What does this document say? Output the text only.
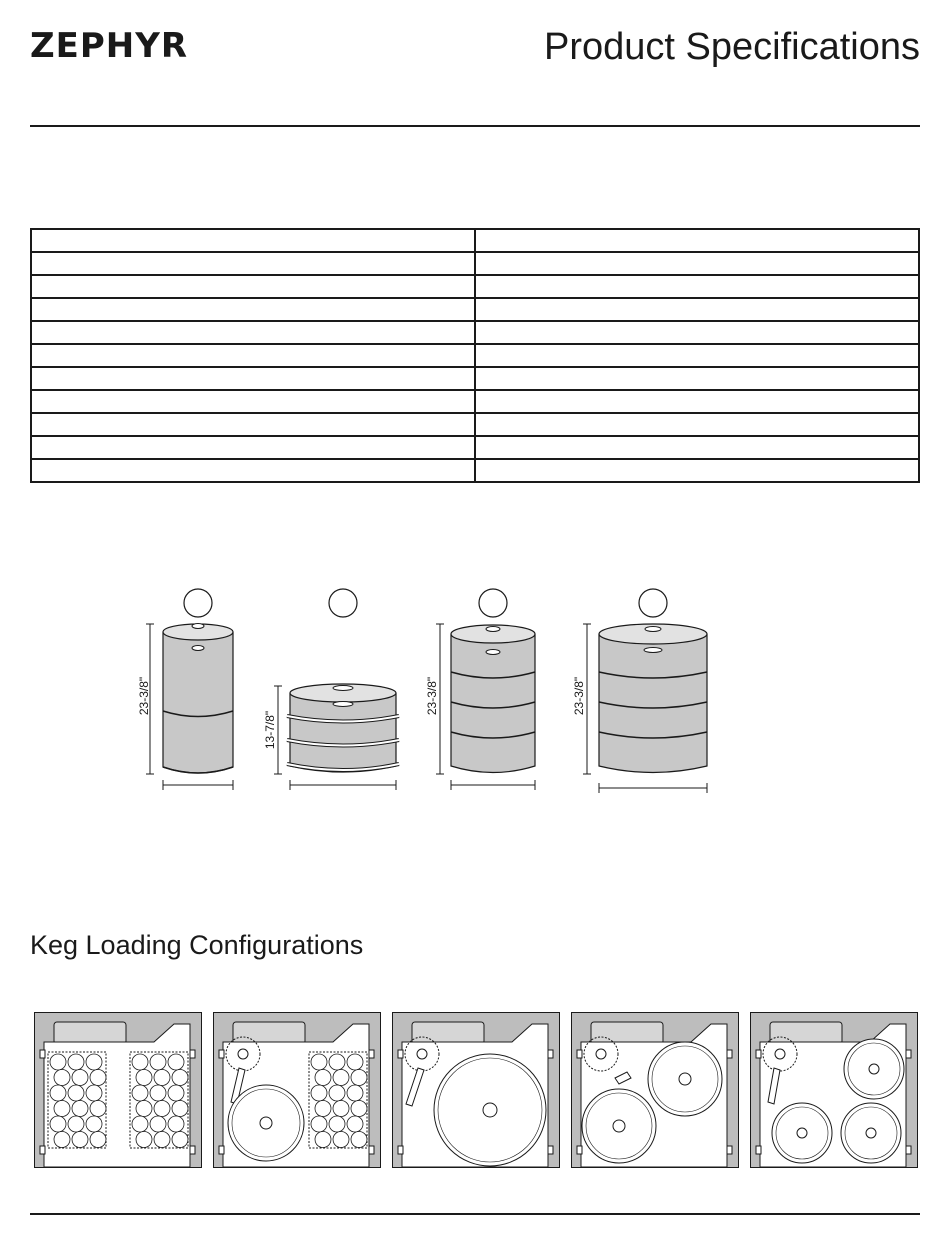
ZEPHYR	Product Specifications

23-3/8"
13-7/8"
23-3/8"	23-3/8"
Keg Loading Configurations
